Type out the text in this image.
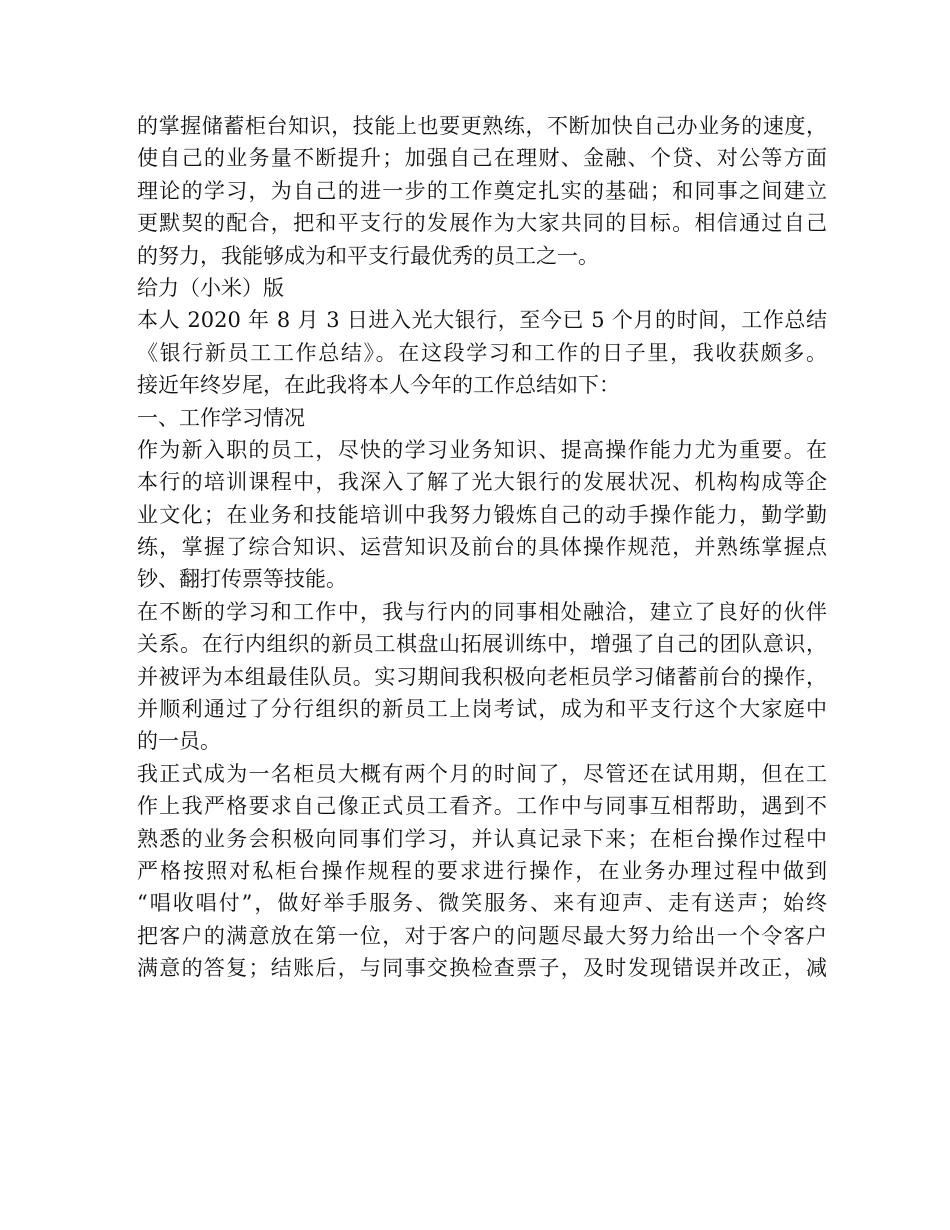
的掌握储蓄柜台知识，技能上也要更熟练，不断加快自己办业务的速度，
使自己的业务量不断提升；加强自己在理财、金融、个贷、对公等方面
理论的学习，为自己的进一步的工作奠定扎实的基础；和同事之间建立
更默契的配合，把和平支行的发展作为大家共同的目标。相信通过自己
的努力，我能够成为和平支行最优秀的员工之一。
给力（小米）版
本人 2020 年 8 月 3 日进入光大银行，至今已 5 个月的时间，工作总结
《银行新员工工作总结》。在这段学习和工作的日子里，我收获颇多。
接近年终岁尾，在此我将本人今年的工作总结如下：
一、工作学习情况
作为新入职的员工，尽快的学习业务知识、提高操作能力尤为重要。在
本行的培训课程中，我深入了解了光大银行的发展状况、机构构成等企
业文化；在业务和技能培训中我努力锻炼自己的动手操作能力，勤学勤
练，掌握了综合知识、运营知识及前台的具体操作规范，并熟练掌握点
钞、翻打传票等技能。
在不断的学习和工作中，我与行内的同事相处融洽，建立了良好的伙伴
关系。在行内组织的新员工棋盘山拓展训练中，增强了自己的团队意识，
并被评为本组最佳队员。实习期间我积极向老柜员学习储蓄前台的操作，
并顺利通过了分行组织的新员工上岗考试，成为和平支行这个大家庭中
的一员。
我正式成为一名柜员大概有两个月的时间了，尽管还在试用期，但在工
作上我严格要求自己像正式员工看齐。工作中与同事互相帮助，遇到不
熟悉的业务会积极向同事们学习，并认真记录下来；在柜台操作过程中
严格按照对私柜台操作规程的要求进行操作，在业务办理过程中做到
“唱收唱付”，做好举手服务、微笑服务、来有迎声、走有送声；始终
把客户的满意放在第一位，对于客户的问题尽最大努力给出一个令客户
满意的答复；结账后，与同事交换检查票子，及时发现错误并改正，减
